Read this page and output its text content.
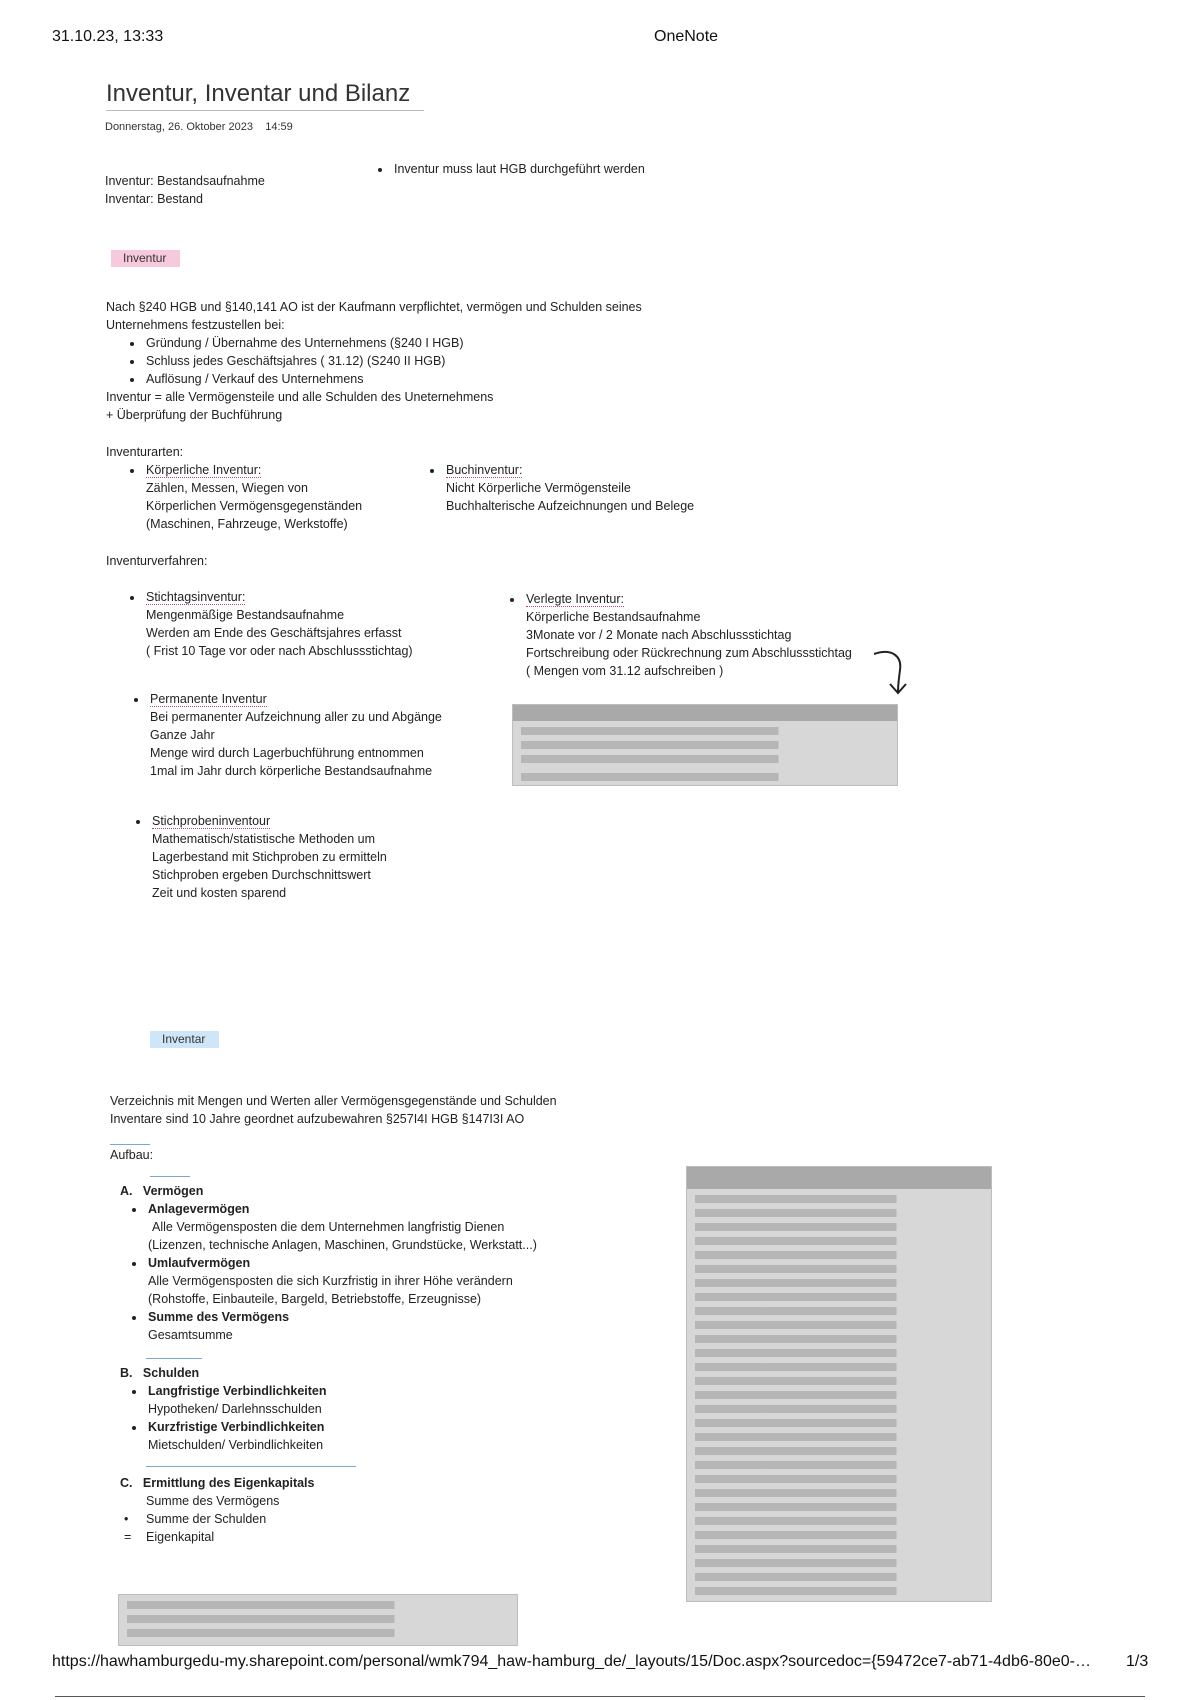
31.10.23, 13:33	OneNote
Inventur, Inventar und Bilanz
Donnerstag, 26. Oktober 2023 14:59
Inventur: Bestandsaufnahme
Inventar: Bestand
• Inventur muss laut HGB durchgeführt werden
Inventur
Nach §240 HGB und §140,141 AO ist der Kaufmann verpflichtet, vermögen und Schulden seines
Unternehmens festzustellen bei:
• Gründung / Übernahme des Unternehmens (§240 I HGB)
• Schluss jedes Geschäftsjahres ( 31.12) (S240 II HGB)
• Auflösung / Verkauf des Unternehmens
Inventur = alle Vermögensteile und alle Schulden des Uneternehmens
+ Überprüfung der Buchführung
Inventurarten:
• Körperliche Inventur:
Zählen, Messen, Wiegen von
Körperlichen Vermögensgegenständen
(Maschinen, Fahrzeuge, Werkstoffe)
• Buchinventur:
Nicht Körperliche Vermögensteile
Buchhalterische Aufzeichnungen und Belege
Inventurverfahren:
• Stichtagsinventur:
Mengenmäßige Bestandsaufnahme
Werden am Ende des Geschäftsjahres erfasst
( Frist 10 Tage vor oder nach Abschlussstichtag)
• Verlegte Inventur:
Körperliche Bestandsaufnahme
3Monate vor / 2 Monate nach Abschlussstichtag
Fortschreibung oder Rückrechnung zum Abschlussstichtag
( Mengen vom 31.12 aufschreiben )
• Permanente Inventur
Bei permanenter Aufzeichnung aller zu und Abgänge
Ganze Jahr
Menge wird durch Lagerbuchführung entnommen
1mal im Jahr durch körperliche Bestandsaufnahme
• Stichprobeninventour
Mathematisch/statistische Methoden um
Lagerbestand mit Stichproben zu ermitteln
Stichproben ergeben Durchschnittswert
Zeit und kosten sparend
Inventar
Verzeichnis mit Mengen und Werten aller Vermögensgegenstände und Schulden
Inventare sind 10 Jahre geordnet aufzubewahren §257I4I HGB §147I3I AO
Aufbau:
A. Vermögen
• Anlagevermögen
Alle Vermögensposten die dem Unternehmen langfristig Dienen
(Lizenzen, technische Anlagen, Maschinen, Grundstücke, Werkstatt...)
• Umlaufvermögen
Alle Vermögensposten die sich Kurzfristig in ihrer Höhe verändern
(Rohstoffe, Einbauteile, Bargeld, Betriebstoffe, Erzeugnisse)
• Summe des Vermögens
Gesamtsumme
B. Schulden
• Langfristige Verbindlichkeiten
Hypotheken/ Darlehnsschulden
• Kurzfristige Verbindlichkeiten
Mietschulden/ Verbindlichkeiten
C. Ermittlung des Eigenkapitals
Summe des Vermögens
• Summe der Schulden
= Eigenkapital
https://hawhamburgedu-my.sharepoint.com/personal/wmk794_haw-hamburg_de/_layouts/15/Doc.aspx?sourcedoc={59472ce7-ab71-4db6-80e0-…	1/3
